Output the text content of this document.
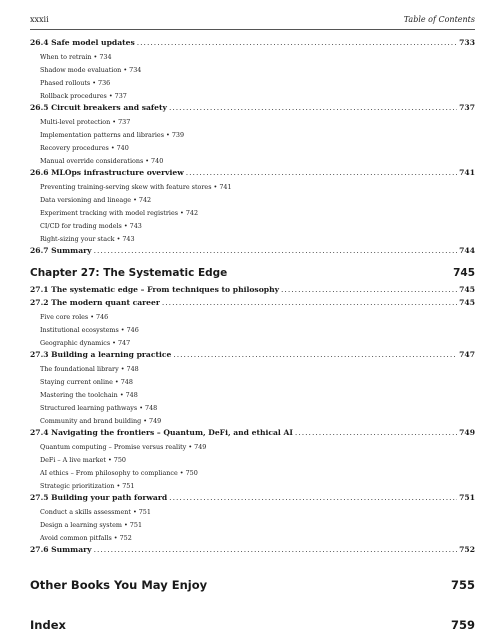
xxxii	Table of Contents
26.4 Safe model updates .....	733
When to retrain • 734
Shadow mode evaluation • 734
Phased rollouts • 736
Rollback procedures • 737
26.5 Circuit breakers and safety .....	737
Multi-level protection • 737
Implementation patterns and libraries • 739
Recovery procedures • 740
Manual override considerations • 740
26.6 MLOps infrastructure overview .....	741
Preventing training-serving skew with feature stores • 741
Data versioning and lineage • 742
Experiment tracking with model registries • 742
CI/CD for trading models • 743
Right-sizing your stack • 743
26.7 Summary .....	744
Chapter 27: The Systematic Edge	745
27.1 The systematic edge – From techniques to philosophy .....	745
27.2 The modern quant career .....	745
Five core roles • 746
Institutional ecosystems • 746
Geographic dynamics • 747
27.3 Building a learning practice .....	747
The foundational library • 748
Staying current online • 748
Mastering the toolchain • 748
Structured learning pathways • 748
Community and brand building • 749
27.4 Navigating the frontiers – Quantum, DeFi, and ethical AI .....	749
Quantum computing – Promise versus reality • 749
DeFi – A live market • 750
AI ethics – From philosophy to compliance • 750
Strategic prioritization • 751
27.5 Building your path forward .....	751
Conduct a skills assessment • 751
Design a learning system • 751
Avoid common pitfalls • 752
27.6 Summary .....	752
Other Books You May Enjoy	755
Index	759
